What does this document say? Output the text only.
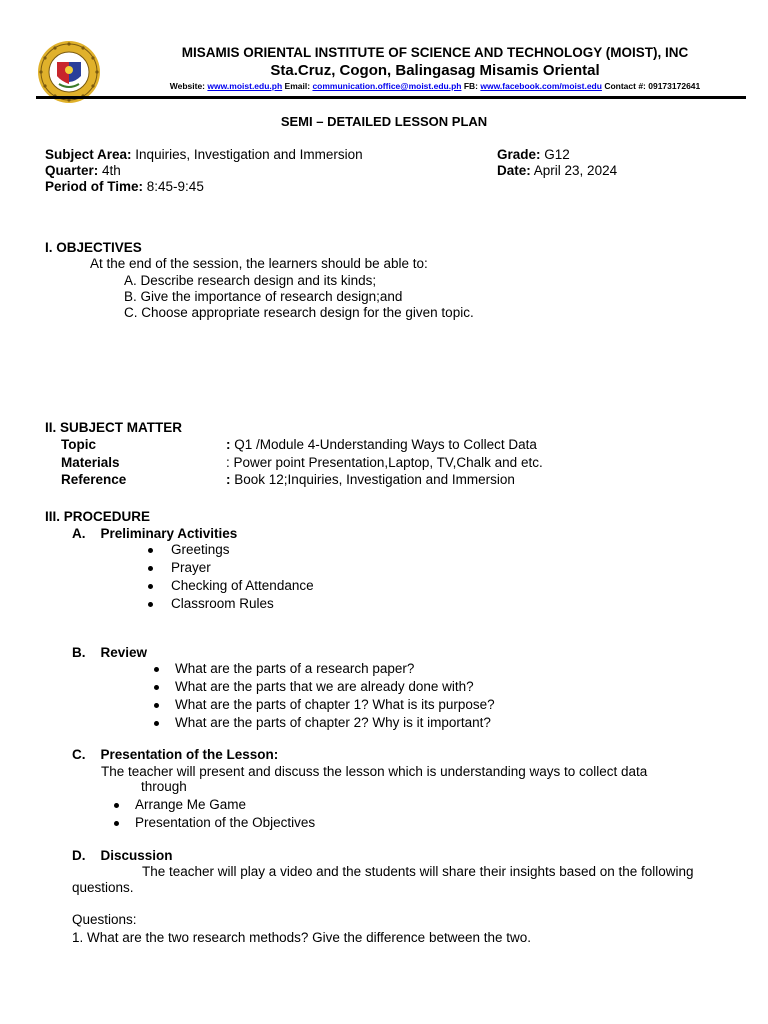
MISAMIS ORIENTAL INSTITUTE OF SCIENCE AND TECHNOLOGY (MOIST), INC
Sta.Cruz, Cogon, Balingasag Misamis Oriental
Website: www.moist.edu.ph Email: communication.office@moist.edu.ph FB: www.facebook.com/moist.edu Contact #: 09173172641
SEMI – DETAILED LESSON PLAN
Subject Area: Inquiries, Investigation and Immersion
Quarter: 4th
Period of Time: 8:45-9:45
Grade: G12
Date: April 23, 2024
I. OBJECTIVES
At the end of the session, the learners should be able to:
A. Describe research design and its kinds;
B. Give the importance of research design;and
C. Choose appropriate research design for the given topic.
II. SUBJECT MATTER
Topic	: Q1 /Module 4-Understanding Ways to Collect Data
Materials	: Power point Presentation,Laptop, TV,Chalk and etc.
Reference	: Book 12;Inquiries, Investigation and Immersion
III. PROCEDURE
A.    Preliminary Activities
Greetings
Prayer
Checking of Attendance
Classroom Rules
B.    Review
What are the parts of a research paper?
What are the parts that we are already done with?
What are the parts of chapter 1? What is its purpose?
What are the parts of chapter 2? Why is it important?
C.    Presentation of the Lesson:
The teacher will present and discuss the lesson which is understanding ways to collect data
through
Arrange Me Game
Presentation of the Objectives
D.    Discussion
The teacher will play a video and the students will share their insights based on the following
questions.
Questions:
1. What are the two research methods? Give the difference between the two.
